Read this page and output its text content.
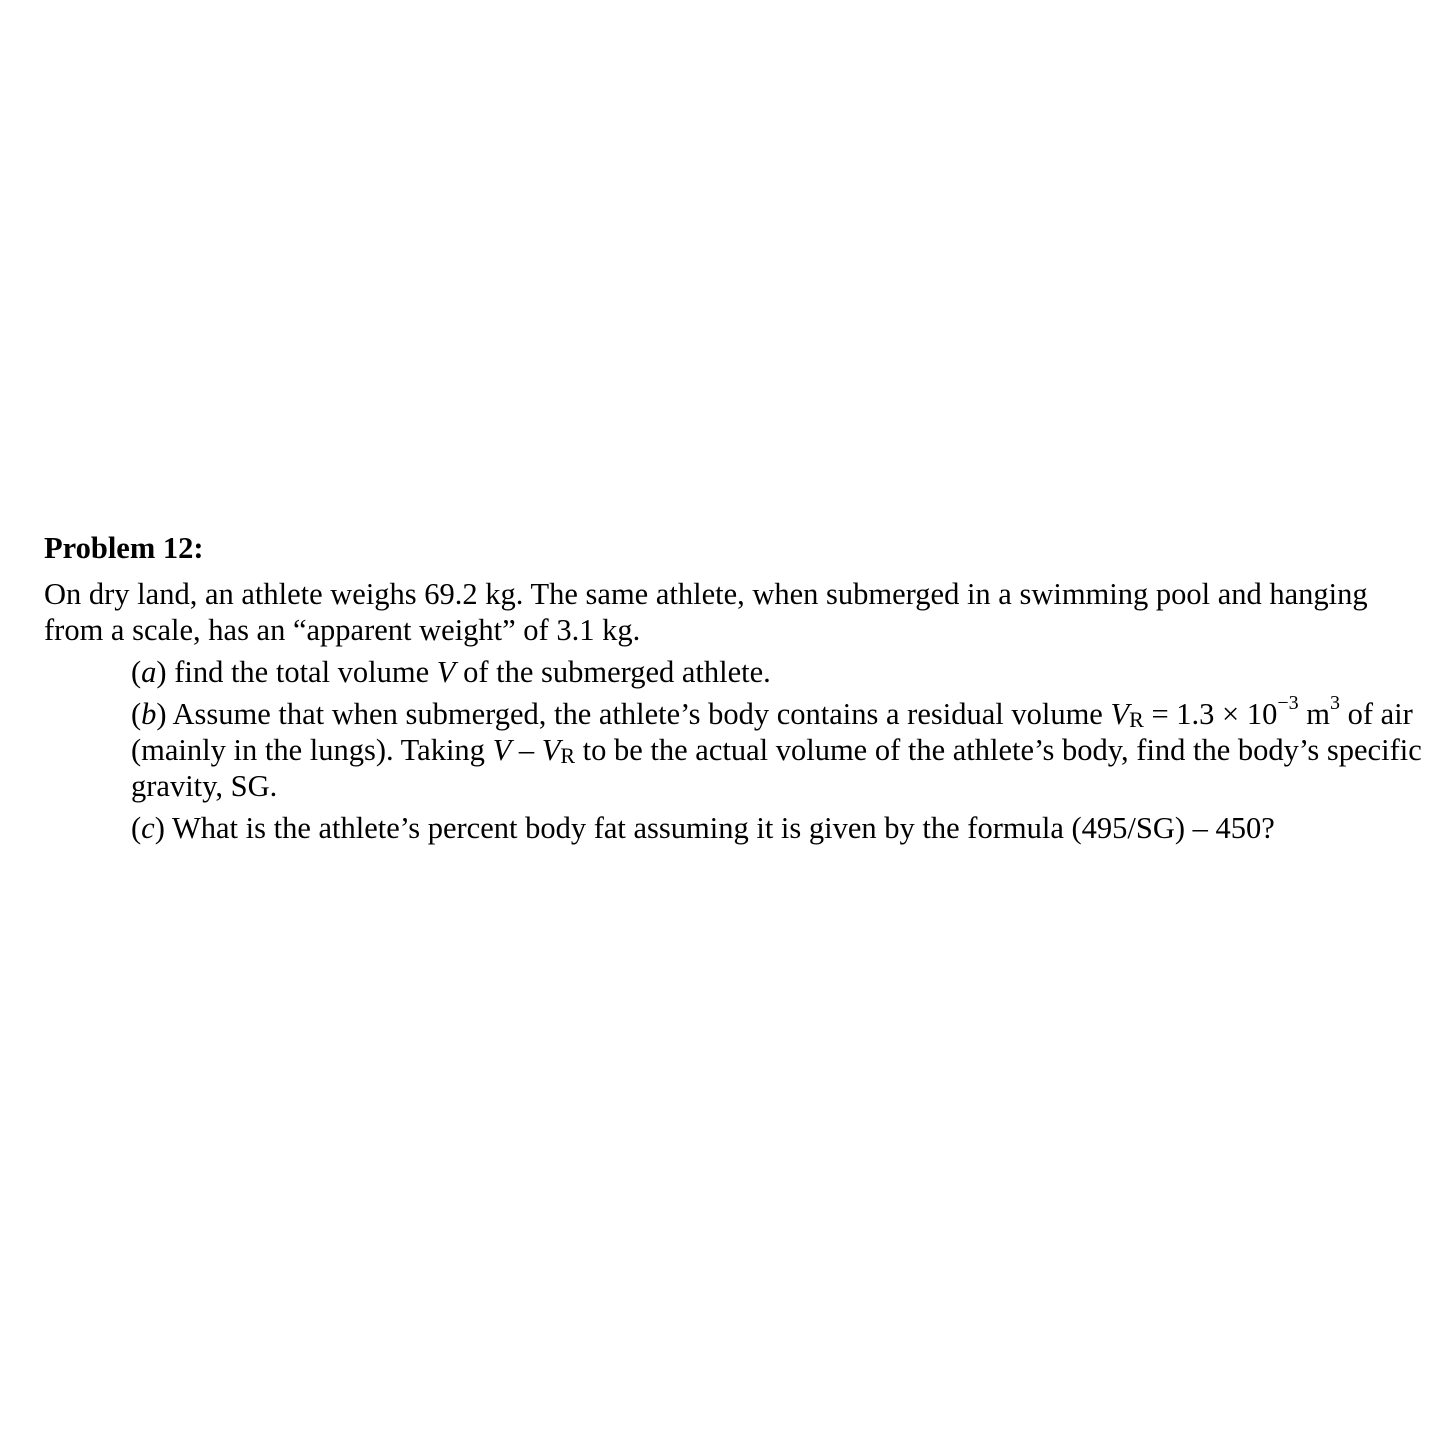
Problem 12:

On dry land, an athlete weighs 69.2 kg. The same athlete, when submerged in a swimming pool and hanging from a scale, has an “apparent weight” of 3.1 kg.

(a) find the total volume V of the submerged athlete.

(b) Assume that when submerged, the athlete’s body contains a residual volume $V_R = 1.3 \times 10^{-3}$ $m^3$ of air (mainly in the lungs). Taking V – $V_R$ to be the actual volume of the athlete’s body, find the body’s specific gravity, SG.

(c) What is the athlete’s percent body fat assuming it is given by the formula (495/SG) – 450?
